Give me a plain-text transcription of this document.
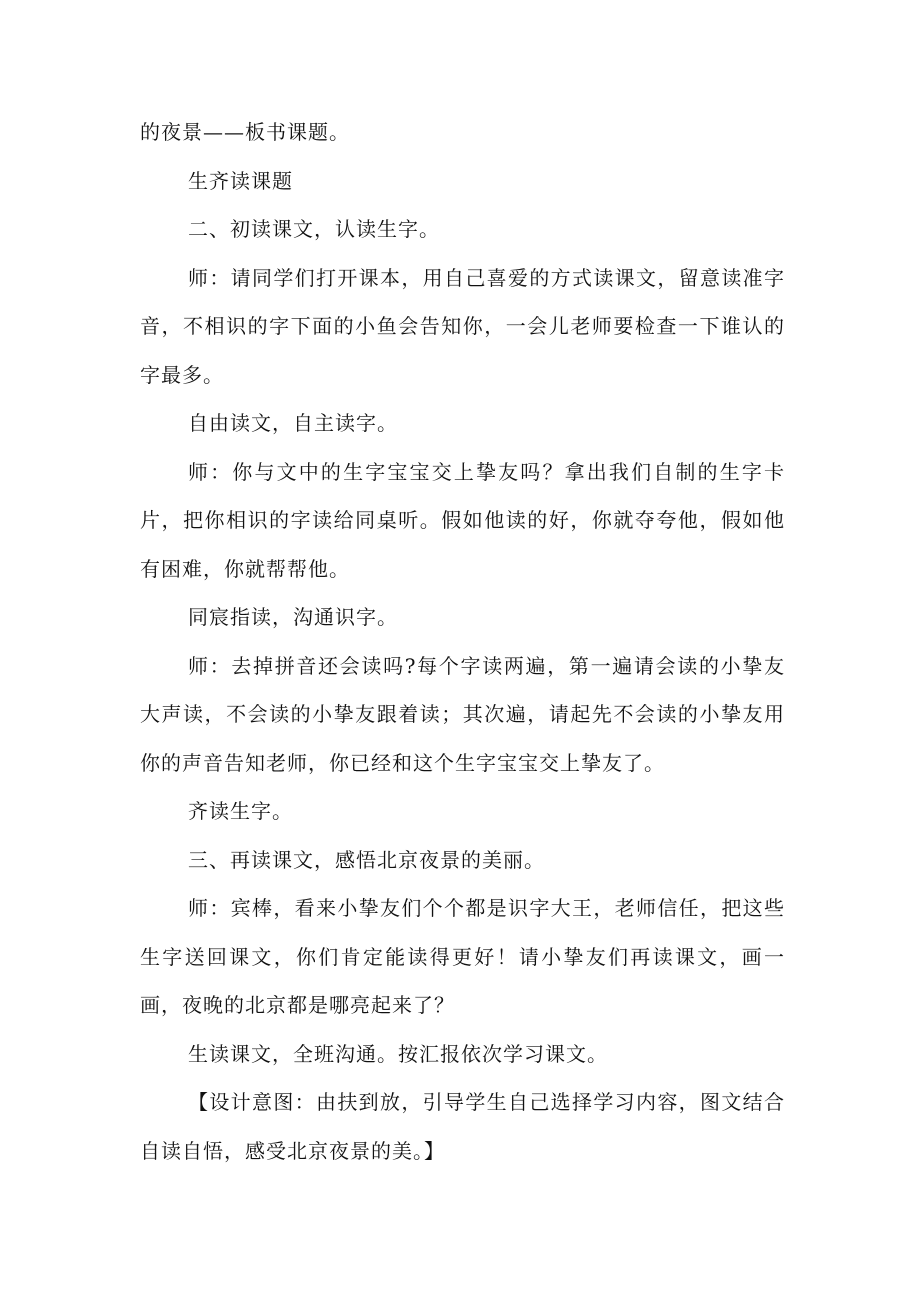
的夜景——板书课题。

生齐读课题

二、初读课文，认读生字。

师：请同学们打开课本，用自己喜爱的方式读课文，留意读准字音，不相识的字下面的小鱼会告知你，一会儿老师要检查一下谁认的字最多。

自由读文，自主读字。

师：你与文中的生字宝宝交上挚友吗？拿出我们自制的生字卡片，把你相识的字读给同桌听。假如他读的好，你就夺夸他，假如他有困难，你就帮帮他。

同宸指读，沟通识字。

师：去掉拼音还会读吗?每个字读两遍，第一遍请会读的小挚友大声读，不会读的小挚友跟着读；其次遍，请起先不会读的小挚友用你的声音告知老师，你已经和这个生字宝宝交上挚友了。

齐读生字。

三、再读课文，感悟北京夜景的美丽。

师：宾棒，看来小挚友们个个都是识字大王，老师信任，把这些生字送回课文，你们肯定能读得更好！请小挚友们再读课文，画一画，夜晚的北京都是哪亮起来了？

生读课文，全班沟通。按汇报依次学习课文。

【设计意图：由扶到放，引导学生自己选择学习内容，图文结合自读自悟，感受北京夜景的美。】
